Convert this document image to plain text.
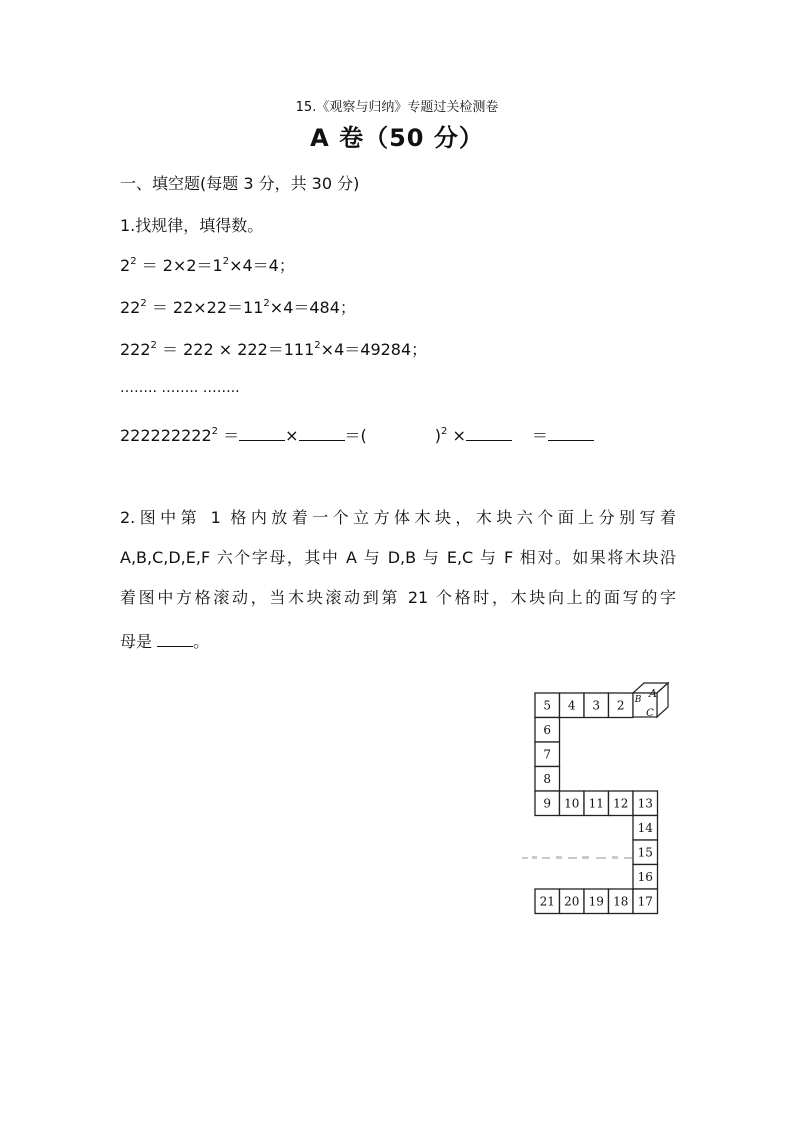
15.《观察与归纳》专题过关检测卷
A 卷（50 分）
一、填空题(每题 3 分，共 30 分)
1.找规律，填得数。
$2^2 = 2\times 2=1^2\times 4=4$；
$22^2 = 22\times 22=11^2\times 4=484$；
$222^2 = 222 \times 222=111^2\times 4=49284$；
…….. …….. ……..
$222222222^2$ ＝	×	＝(	)$^2$ ×	＝
2.图中第 1 格内放着一个立方体木块，木块六个面上分别写着
A,B,C,D,E,F 六个字母，其中 A 与 D,B 与 E,C 与 F 相对。如果将木块沿
着图中方格滚动，当木块滚动到第 21 个格时，木块向上的面写的字
母是 。
5 4 3 2
6
7
8
9 10 11 12 13
14
15
16
21 20 19 18 17
A
C
B
